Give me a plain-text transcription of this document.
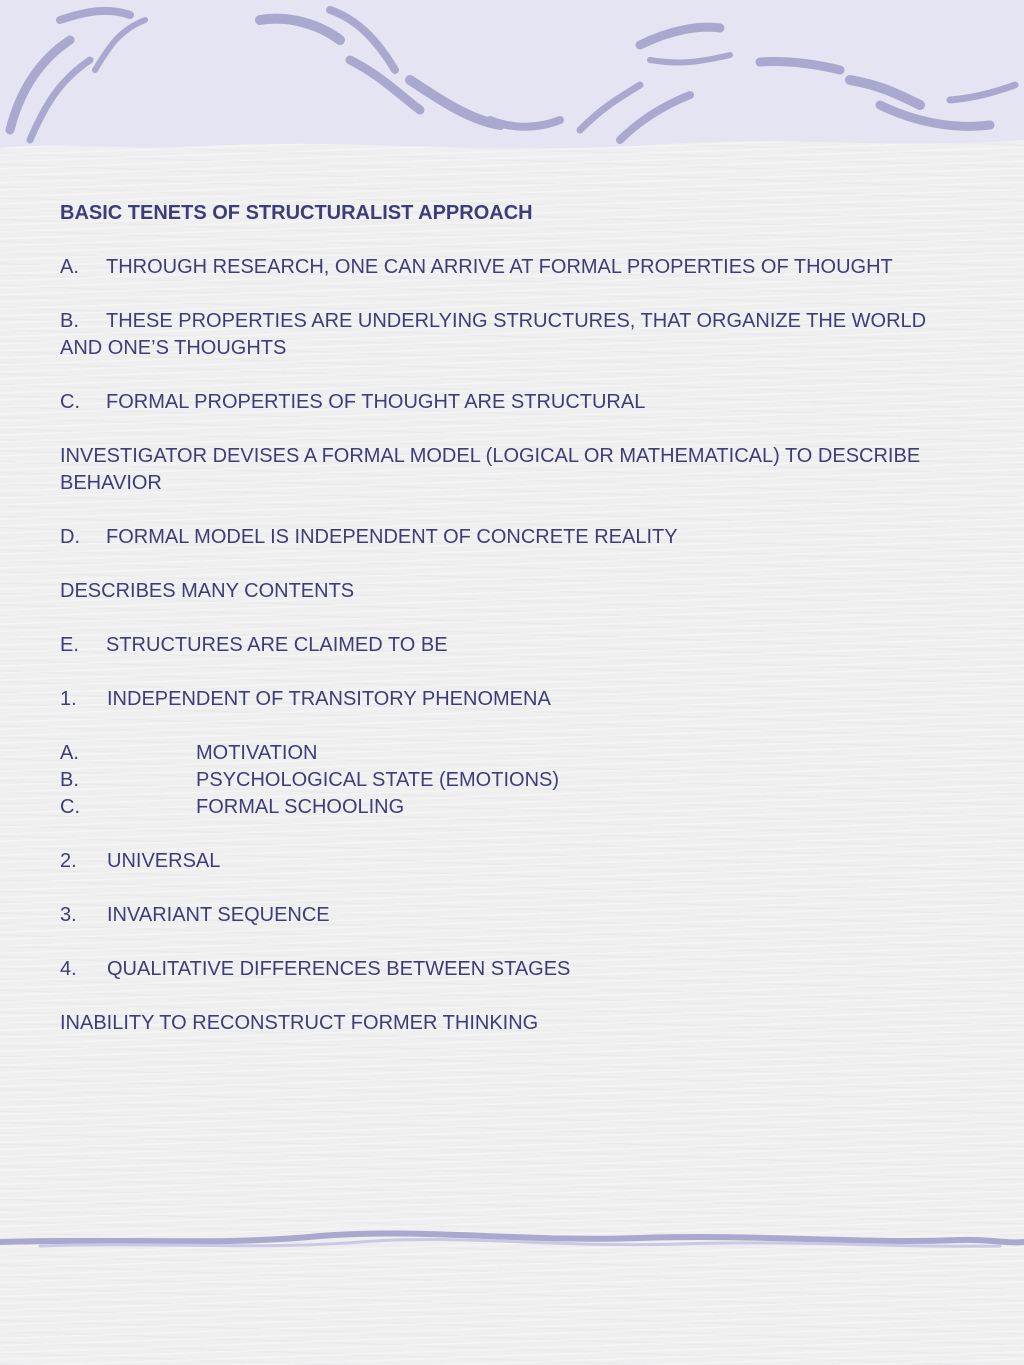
BASIC TENETS OF STRUCTURALIST APPROACH
A. THROUGH RESEARCH, ONE CAN ARRIVE AT FORMAL PROPERTIES OF THOUGHT
B. THESE PROPERTIES ARE UNDERLYING STRUCTURES, THAT ORGANIZE THE WORLD AND ONE’S THOUGHTS
C. FORMAL PROPERTIES OF THOUGHT ARE STRUCTURAL
INVESTIGATOR DEVISES A FORMAL MODEL (LOGICAL OR MATHEMATICAL) TO DESCRIBE BEHAVIOR
D. FORMAL MODEL IS INDEPENDENT OF CONCRETE REALITY
DESCRIBES MANY CONTENTS
E. STRUCTURES ARE CLAIMED TO BE
1. INDEPENDENT OF TRANSITORY PHENOMENA
A.	MOTIVATION
B.	PSYCHOLOGICAL STATE (EMOTIONS)
C.	FORMAL SCHOOLING
2. UNIVERSAL
3. INVARIANT SEQUENCE
4. QUALITATIVE DIFFERENCES BETWEEN STAGES
INABILITY TO RECONSTRUCT FORMER THINKING
